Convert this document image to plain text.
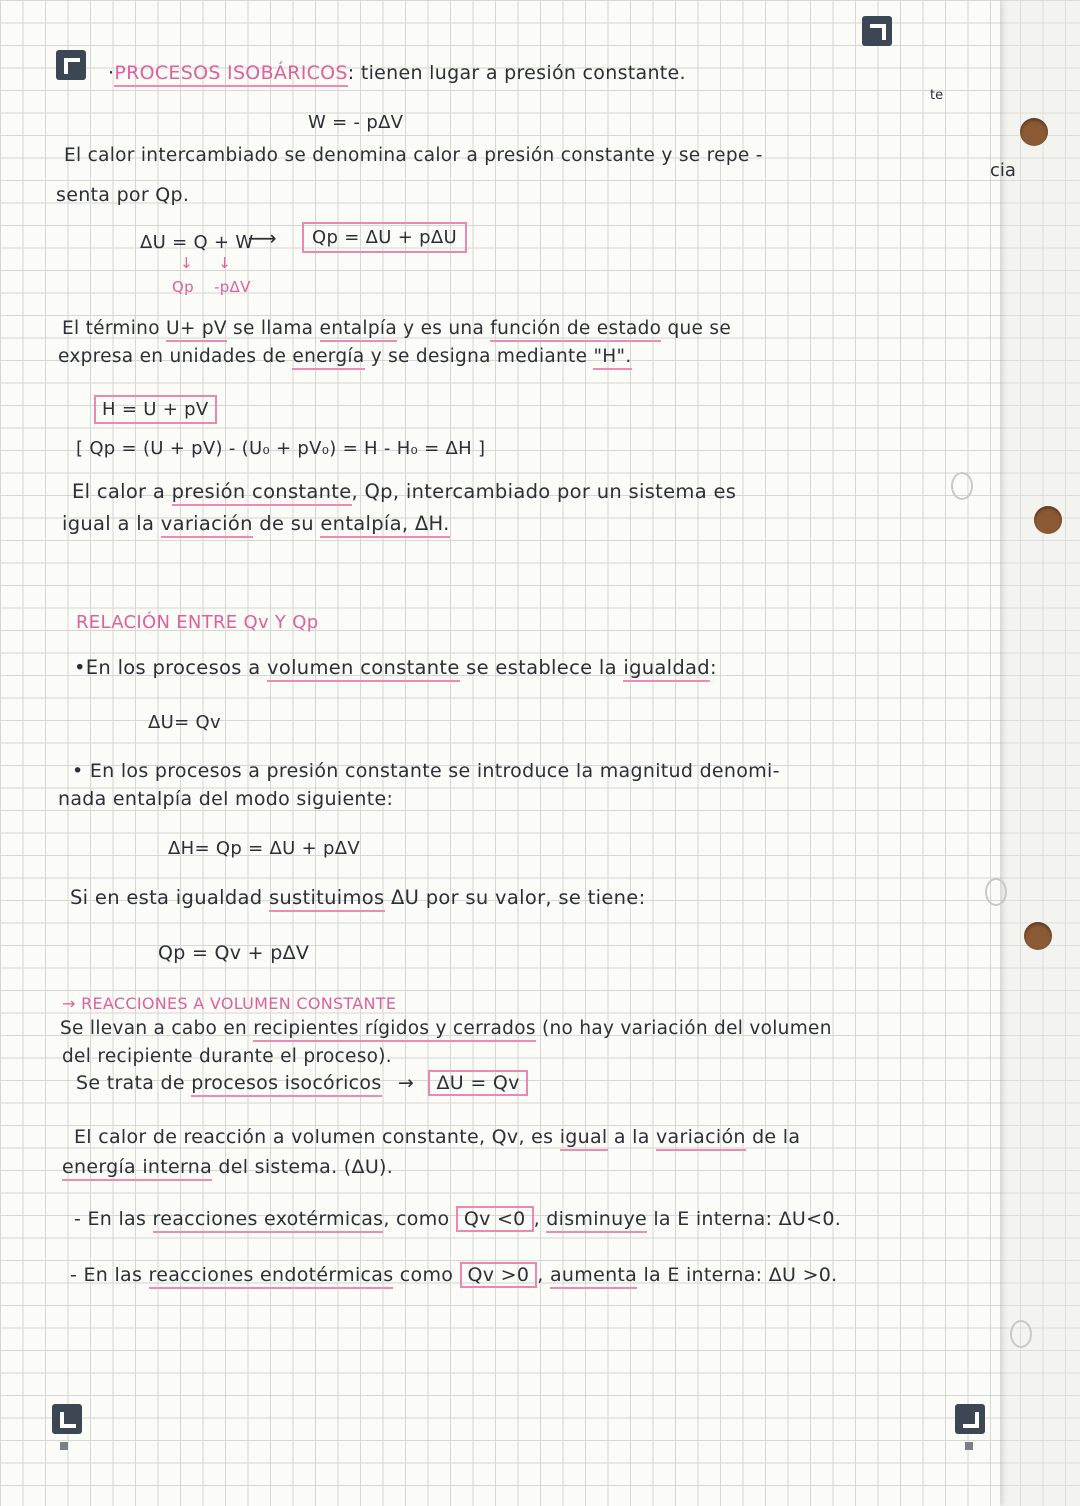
te
cia
·PROCESOS ISOBÁRICOS: tienen lugar a presión constante.
W = - pΔV
El calor intercambiado se denomina calor a presión constante y se repe -
senta por Qp.
ΔU = Q + W
⟶	Qp = ΔU + pΔU
↓     ↓
Qp -pΔV
El término U+ pV se llama entalpía y es una función de estado que se
expresa en unidades de energía y se designa mediante "H".
H = U + pV
[ Qp = (U + pV) - (U₀ + pV₀) = H - H₀ = ΔH ]
El calor a presión constante, Qp, intercambiado por un sistema es
igual a la variación de su entalpía, ΔH.
RELACIÓN ENTRE Qv Y Qp
•En los procesos a volumen constante se establece la igualdad:
ΔU= Qv
• En los procesos a presión constante se introduce la magnitud denomi-
nada entalpía del modo siguiente:
ΔH= Qp = ΔU + pΔV
Si en esta igualdad sustituimos ΔU por su valor, se tiene:
Qp = Qv + pΔV
→ REACCIONES A VOLUMEN CONSTANTE
Se llevan a cabo en recipientes rígidos y cerrados (no hay variación del volumen
del recipiente durante el proceso).
Se trata de procesos isocóricos → ΔU = Qv
El calor de reacción a volumen constante, Qv, es igual a la variación de la
energía interna del sistema. (ΔU).
- En las reacciones exotérmicas, como Qv <0 , disminuye la E interna: ΔU<0.
- En las reacciones endotérmicas como Qv >0 , aumenta la E interna: ΔU >0.
